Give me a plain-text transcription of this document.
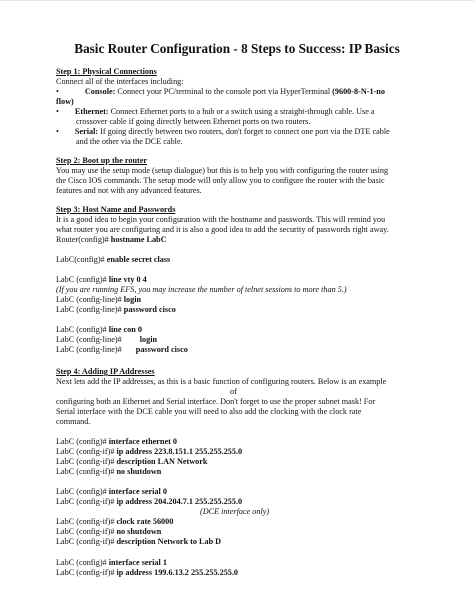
Basic Router Configuration - 8 Steps to Success: IP Basics
Step 1: Physical Connections
Connect all of the interfaces including:
•	Console: Connect your PC/terminal to the console port via HyperTerminal (9600-8-N-1-no
flow)
• Ethernet: Connect Ethernet ports to a hub or a switch using a straight-through cable. Use a
crossover cable if going directly between Ethernet ports on two routers.
• Serial: If going directly between two routers, don't forget to connect one port via the DTE cable
and the other via the DCE cable.
Step 2: Boot up the router
You may use the setup mode (setup dialogue) but this is to help you with configuring the router using
the Cisco IOS commands. The setup mode will only allow you to configure the router with the basic
features and not with any advanced features.
Step 3: Host Name and Passwords
It is a good idea to begin your configuration with the hostname and passwords. This will remind you
what router you are configuring and it is also a good idea to add the security of passwords right away.
Router(config)# hostname LabC
LabC(config)# enable secret class
LabC (config)# line vty 0 4
(If you are running EFS, you may increase the number of telnet sessions to more than 5.)
LabC (config-line)# login
LabC (config-line)# password cisco
LabC (config)# line con 0
LabC (config-line)# login
LabC (config-line)# password cisco
Step 4: Adding IP Addresses
Next lets add the IP addresses, as this is a basic function of configuring routers. Below is an example
of
configuring both an Ethernet and Serial interface. Don't forget to use the proper subnet mask! For
Serial interface with the DCE cable you will need to also add the clocking with the clock rate
command.
LabC (config)# interface ethernet 0
LabC (config-if)# ip address 223.8.151.1 255.255.255.0
LabC (config-if)# description LAN Network
LabC (config-if)# no shutdown
LabC (config)# interface serial 0
LabC (config-if)# ip address 204.204.7.1 255.255.255.0
(DCE interface only)
LabC (config-if)# clock rate 56000
LabC (config-if)# no shutdown
LabC (config-if)# description Network to Lab D
LabC (config)# interface serial 1
LabC (config-if)# ip address 199.6.13.2 255.255.255.0
